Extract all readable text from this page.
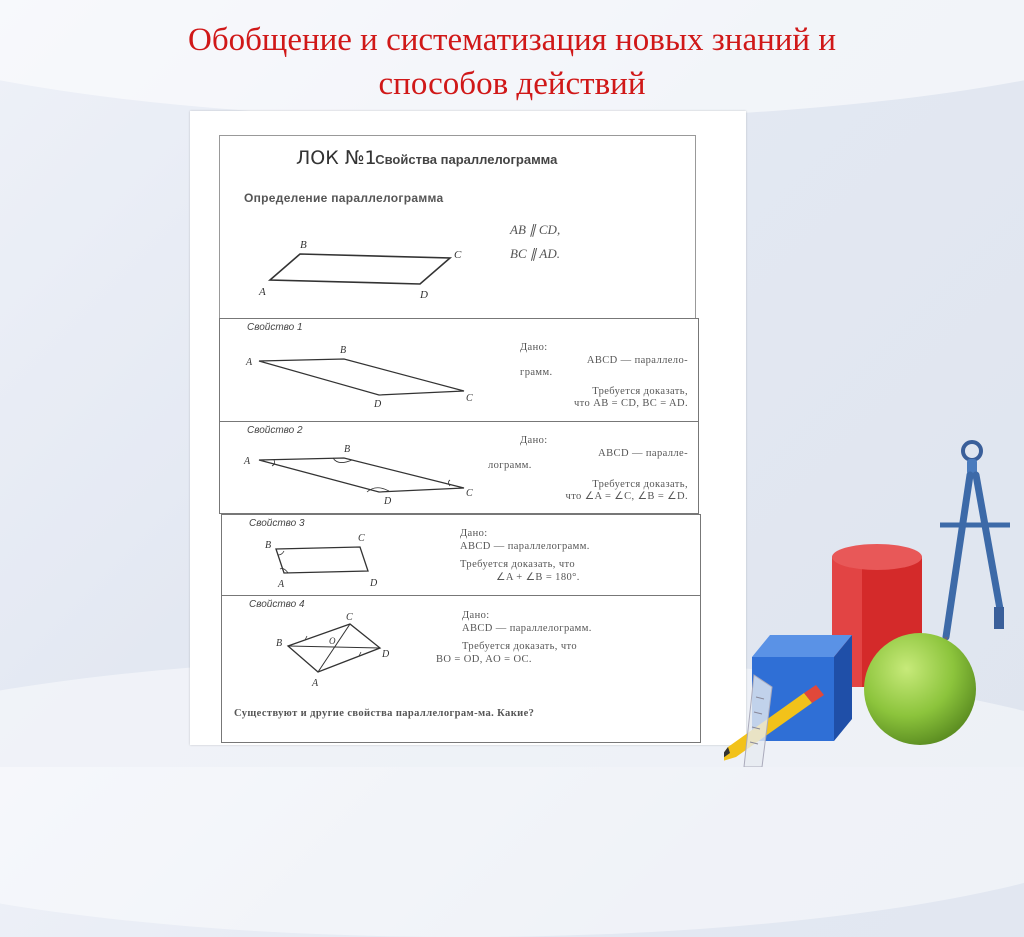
Обобщение и систематизация новых знаний и
способов действий
ЛОК №1
. Свойства параллелограмма
Определение параллелограмма
B
C
A	D
AB ∥ CD,
BC ∥ AD.
Свойство 1
A
B
C
D
Дано:
ABCD — параллело-
грамм.
Требуется доказать,
что AB = CD, BC = AD.
Свойство 2
A
B
C
D
Дано:
ABCD — паралле-
лограмм.
Требуется доказать,
что ∠A = ∠C, ∠B = ∠D.
Свойство 3
B
C
A	D
Дано:
ABCD — параллелограмм.
Требуется доказать, что
∠A + ∠B = 180°.
Свойство 4
B
C
D
A
O
Дано:
ABCD — параллелограмм.
Требуется доказать, что
BO = OD, AO = OC.
Существуют и другие свойства параллелограм-ма. Какие?
